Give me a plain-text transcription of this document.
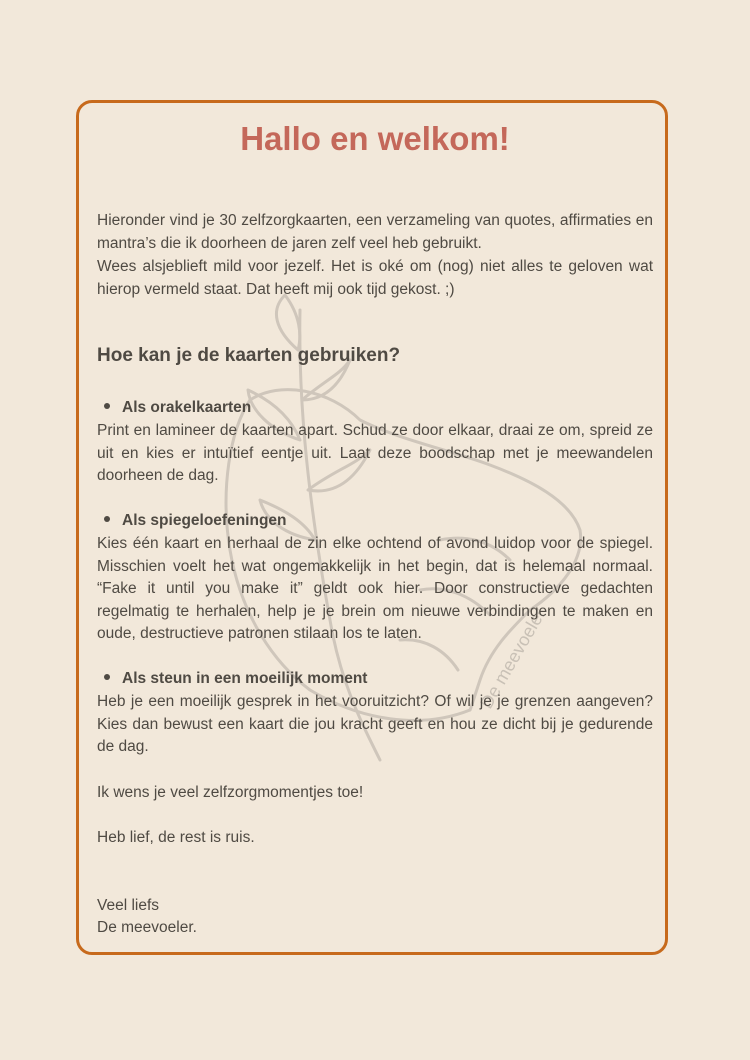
De meevoeler
Hallo en welkom!

Hieronder vind je 30 zelfzorgkaarten, een verzameling van quotes, affirmaties en mantra’s die ik doorheen de jaren zelf veel heb gebruikt.

Wees alsjeblieft mild voor jezelf. Het is oké om (nog) niet alles te geloven wat hierop vermeld staat. Dat heeft mij ook tijd gekost. ;)

Hoe kan je de kaarten gebruiken?

Als orakelkaarten

Print en lamineer de kaarten apart. Schud ze door elkaar, draai ze om, spreid ze uit en kies er intuïtief eentje uit. Laat deze boodschap met je meewandelen doorheen de dag.

Als spiegeloefeningen

Kies één kaart en herhaal de zin elke ochtend of avond luidop voor de spiegel. Misschien voelt het wat ongemakkelijk in het begin, dat is helemaal normaal. “Fake it until you make it” geldt ook hier. Door constructieve gedachten regelmatig te herhalen, help je je brein om nieuwe verbindingen te maken en oude, destructieve patronen stilaan los te laten.

Als steun in een moeilijk moment

Heb je een moeilijk gesprek in het vooruitzicht? Of wil je je grenzen aangeven? Kies dan bewust een kaart die jou kracht geeft en hou ze dicht bij je gedurende de dag.

Ik wens je veel zelfzorgmomentjes toe!

Heb lief, de rest is ruis.

Veel liefs

De meevoeler.
